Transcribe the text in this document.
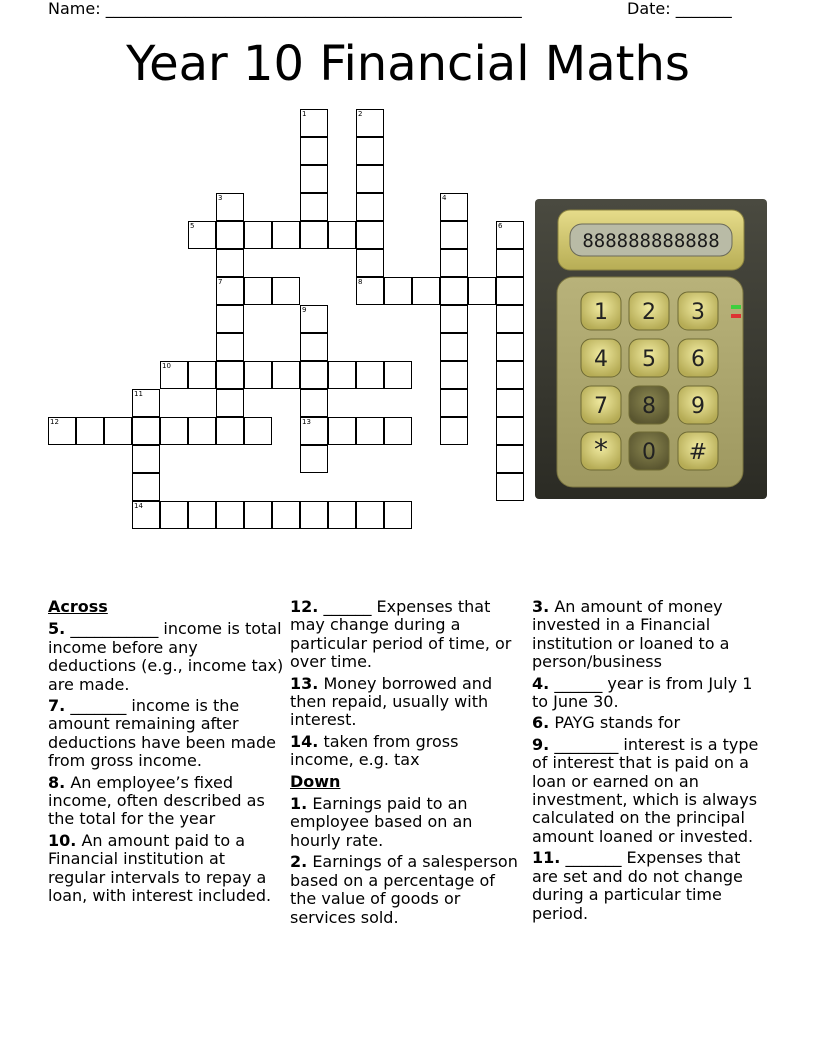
Name: ____________________________________________________	Date: _______
Year 10 Financial Maths
1	2
8
3
7
4
5	6
9
13
10
11
14
12
888888888888
1 2 3
4 5 6
7 8 9
* 0 #
Across
5. ___________ income is total income before any deductions (e.g., income tax) are made.
7. _______ income is the amount remaining after deductions have been made from gross income.
8. An employee’s fixed income, often described as the total for the year
10. An amount paid to a Financial institution at regular intervals to repay a loan, with interest included.
12. ______ Expenses that may change during a particular period of time, or over time.
13. Money borrowed and then repaid, usually with interest.
14. taken from gross income, e.g. tax
Down
1. Earnings paid to an employee based on an hourly rate.
2. Earnings of a salesperson based on a percentage of the value of goods or services sold.
3. An amount of money invested in a Financial institution or loaned to a person/business
4. ______ year is from July 1 to June 30.
6. PAYG stands for
9. ________ interest is a type of interest that is paid on a loan or earned on an investment, which is always calculated on the principal amount loaned or invested.
11. _______ Expenses that are set and do not change during a particular time period.
